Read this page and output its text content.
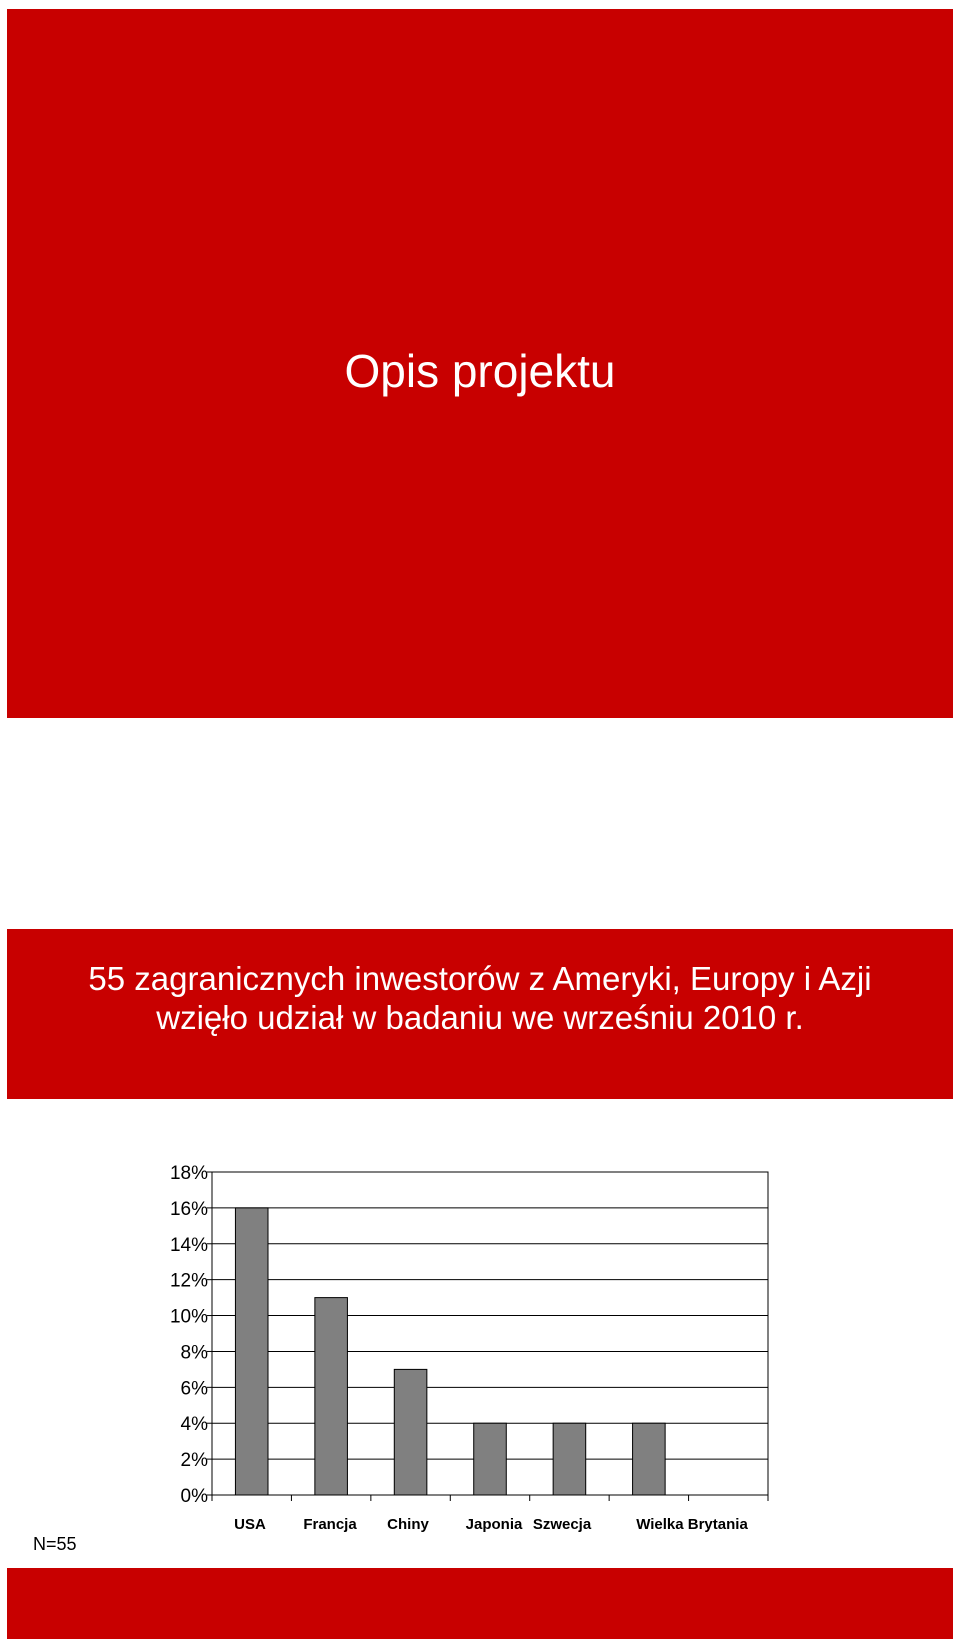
Opis projektu
55 zagranicznych inwestorów z Ameryki, Europy i Azji
wzięło udział w badaniu we wrześniu 2010 r.
0%
2%
4%
6%
8%
10%
12%
14%
16%
18%
USA Francja Chiny Japonia Szwecja	Wielka Brytania
N=55
